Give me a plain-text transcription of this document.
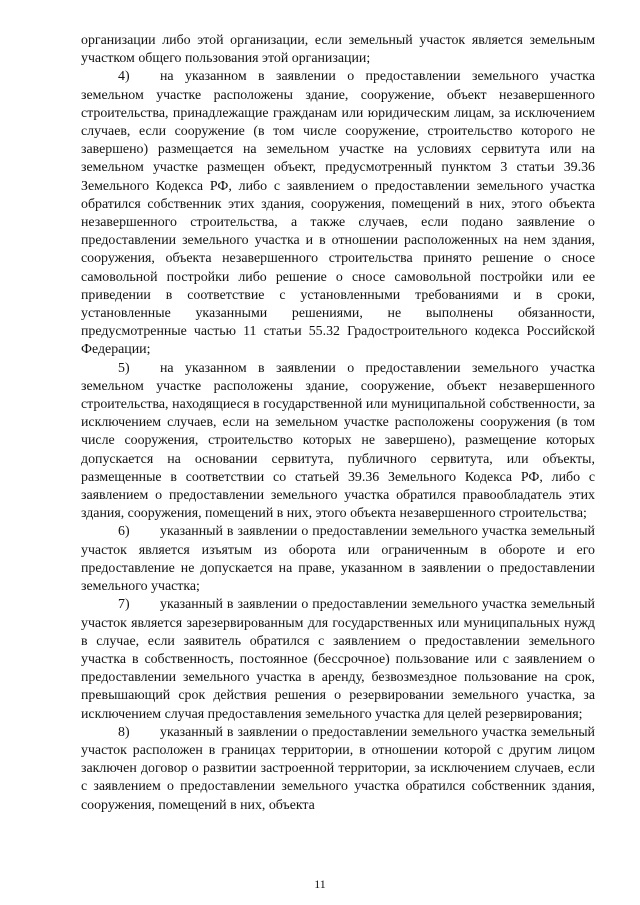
организации либо этой организации, если земельный участок является земельным участком общего пользования этой организации;

4) на указанном в заявлении о предоставлении земельного участка земельном участке расположены здание, сооружение, объект незавершенного строительства, принадлежащие гражданам или юридическим лицам, за исключением случаев, если сооружение (в том числе сооружение, строительство которого не завершено) размещается на земельном участке на условиях сервитута или на земельном участке размещен объект, предусмотренный пунктом 3 статьи 39.36 Земельного Кодекса РФ, либо с заявлением о предоставлении земельного участка обратился собственник этих здания, сооружения, помещений в них, этого объекта незавершенного строительства, а также случаев, если подано заявление о предоставлении земельного участка и в отношении расположенных на нем здания, сооружения, объекта незавершенного строительства принято решение о сносе самовольной постройки либо решение о сносе самовольной постройки или ее приведении в соответствие с установленными требованиями и в сроки, установленные указанными решениями, не выполнены обязанности, предусмотренные частью 11 статьи 55.32 Градостроительного кодекса Российской Федерации;

5) на указанном в заявлении о предоставлении земельного участка земельном участке расположены здание, сооружение, объект незавершенного строительства, находящиеся в государственной или муниципальной собственности, за исключением случаев, если на земельном участке расположены сооружения (в том числе сооружения, строительство которых не завершено), размещение которых допускается на основании сервитута, публичного сервитута, или объекты, размещенные в соответствии со статьей 39.36 Земельного Кодекса РФ, либо с заявлением о предоставлении земельного участка обратился правообладатель этих здания, сооружения, помещений в них, этого объекта незавершенного строительства;

6) указанный в заявлении о предоставлении земельного участка земельный участок является изъятым из оборота или ограниченным в обороте и его предоставление не допускается на праве, указанном в заявлении о предоставлении земельного участка;

7) указанный в заявлении о предоставлении земельного участка земельный участок является зарезервированным для государственных или муниципальных нужд в случае, если заявитель обратился с заявлением о предоставлении земельного участка в собственность, постоянное (бессрочное) пользование или с заявлением о предоставлении земельного участка в аренду, безвозмездное пользование на срок, превышающий срок действия решения о резервировании земельного участка, за исключением случая предоставления земельного участка для целей резервирования;

8) указанный в заявлении о предоставлении земельного участка земельный участок расположен в границах территории, в отношении которой с другим лицом заключен договор о развитии застроенной территории, за исключением случаев, если с заявлением о предоставлении земельного участка обратился собственник здания, сооружения, помещений в них, объекта

11
